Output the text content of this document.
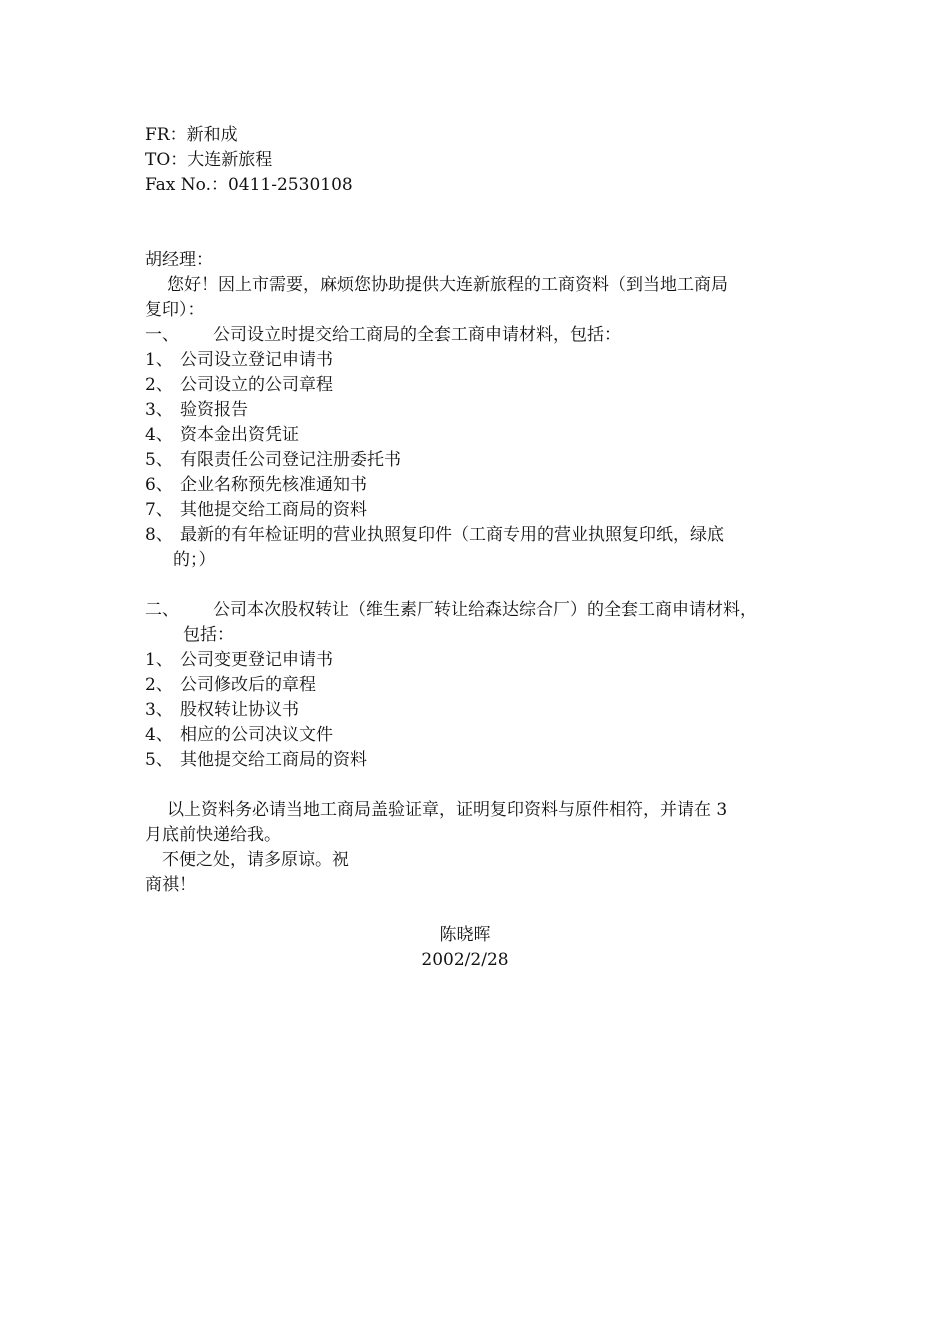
FR：新和成
TO：大连新旅程
Fax No.：0411-2530108
胡经理：
您好！因上市需要，麻烦您协助提供大连新旅程的工商资料（到当地工商局
复印）：
一、 公司设立时提交给工商局的全套工商申请材料，包括：
1、 公司设立登记申请书
2、 公司设立的公司章程
3、 验资报告
4、 资本金出资凭证
5、 有限责任公司登记注册委托书
6、 企业名称预先核准通知书
7、 其他提交给工商局的资料
8、 最新的有年检证明的营业执照复印件（工商专用的营业执照复印纸，绿底
的；）
二、 公司本次股权转让（维生素厂转让给森达综合厂）的全套工商申请材料，
包括：
1、 公司变更登记申请书
2、 公司修改后的章程
3、 股权转让协议书
4、 相应的公司决议文件
5、 其他提交给工商局的资料
以上资料务必请当地工商局盖验证章，证明复印资料与原件相符，并请在 3
月底前快递给我。
不便之处，请多原谅。祝
商祺！
陈晓晖
2002/2/28
